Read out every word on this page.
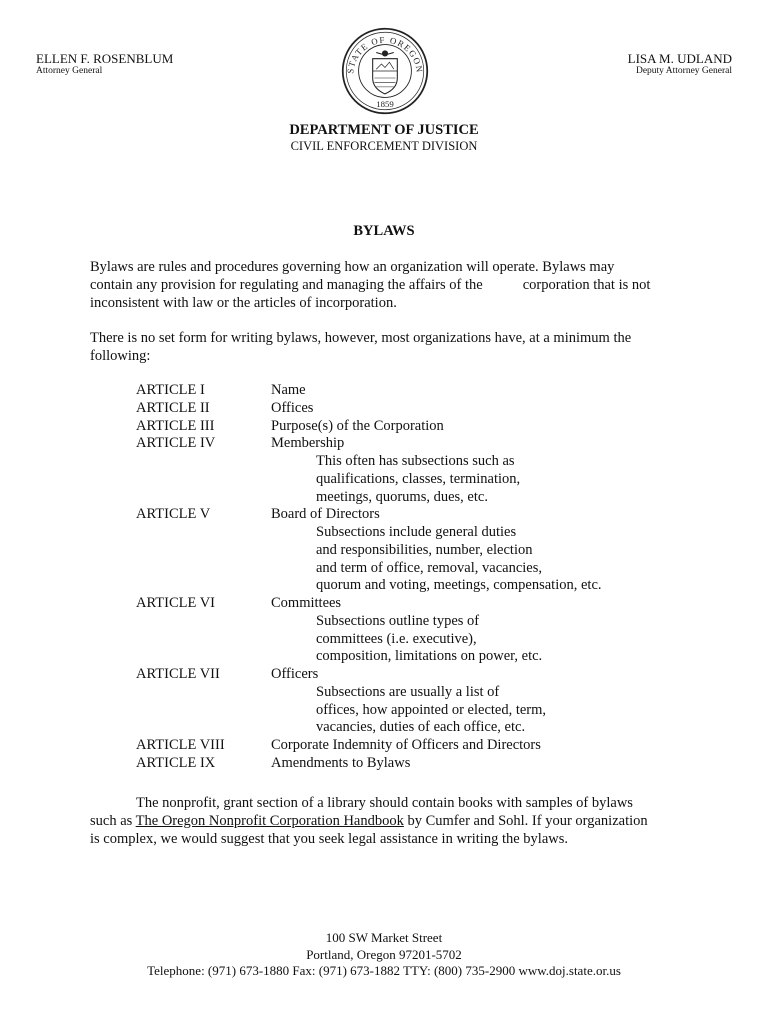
ELLEN F. ROSENBLUM
Attorney General
LISA M. UDLAND
Deputy Attorney General
STATE OF OREGON
1859
DEPARTMENT OF JUSTICE
CIVIL ENFORCEMENT DIVISION
BYLAWS
Bylaws are rules and procedures governing how an organization will operate. Bylaws may
contain any provision for regulating and managing the affairs of the	corporation that is not
inconsistent with law or the articles of incorporation.
There is no set form for writing bylaws, however, most organizations have, at a minimum the
following:
ARTICLE I	Name
ARTICLE II	Offices
ARTICLE III	Purpose(s) of the Corporation
ARTICLE IV	Membership
This often has subsections such as
qualifications, classes, termination,
meetings, quorums, dues, etc.
ARTICLE V	Board of Directors
Subsections include general duties
and responsibilities, number, election
and term of office, removal, vacancies,
quorum and voting, meetings, compensation, etc.
ARTICLE VI	Committees
Subsections outline types of
committees (i.e. executive),
composition, limitations on power, etc.
ARTICLE VII	Officers
Subsections are usually a list of
offices, how appointed or elected, term,
vacancies, duties of each office, etc.
ARTICLE VIII	Corporate Indemnity of Officers and Directors
ARTICLE IX	Amendments to Bylaws
The nonprofit, grant section of a library should contain books with samples of bylaws
such as The Oregon Nonprofit Corporation Handbook by Cumfer and Sohl. If your organization
is complex, we would suggest that you seek legal assistance in writing the bylaws.
100 SW Market Street
Portland, Oregon 97201-5702
Telephone: (971) 673-1880 Fax: (971) 673-1882 TTY: (800) 735-2900 www.doj.state.or.us
